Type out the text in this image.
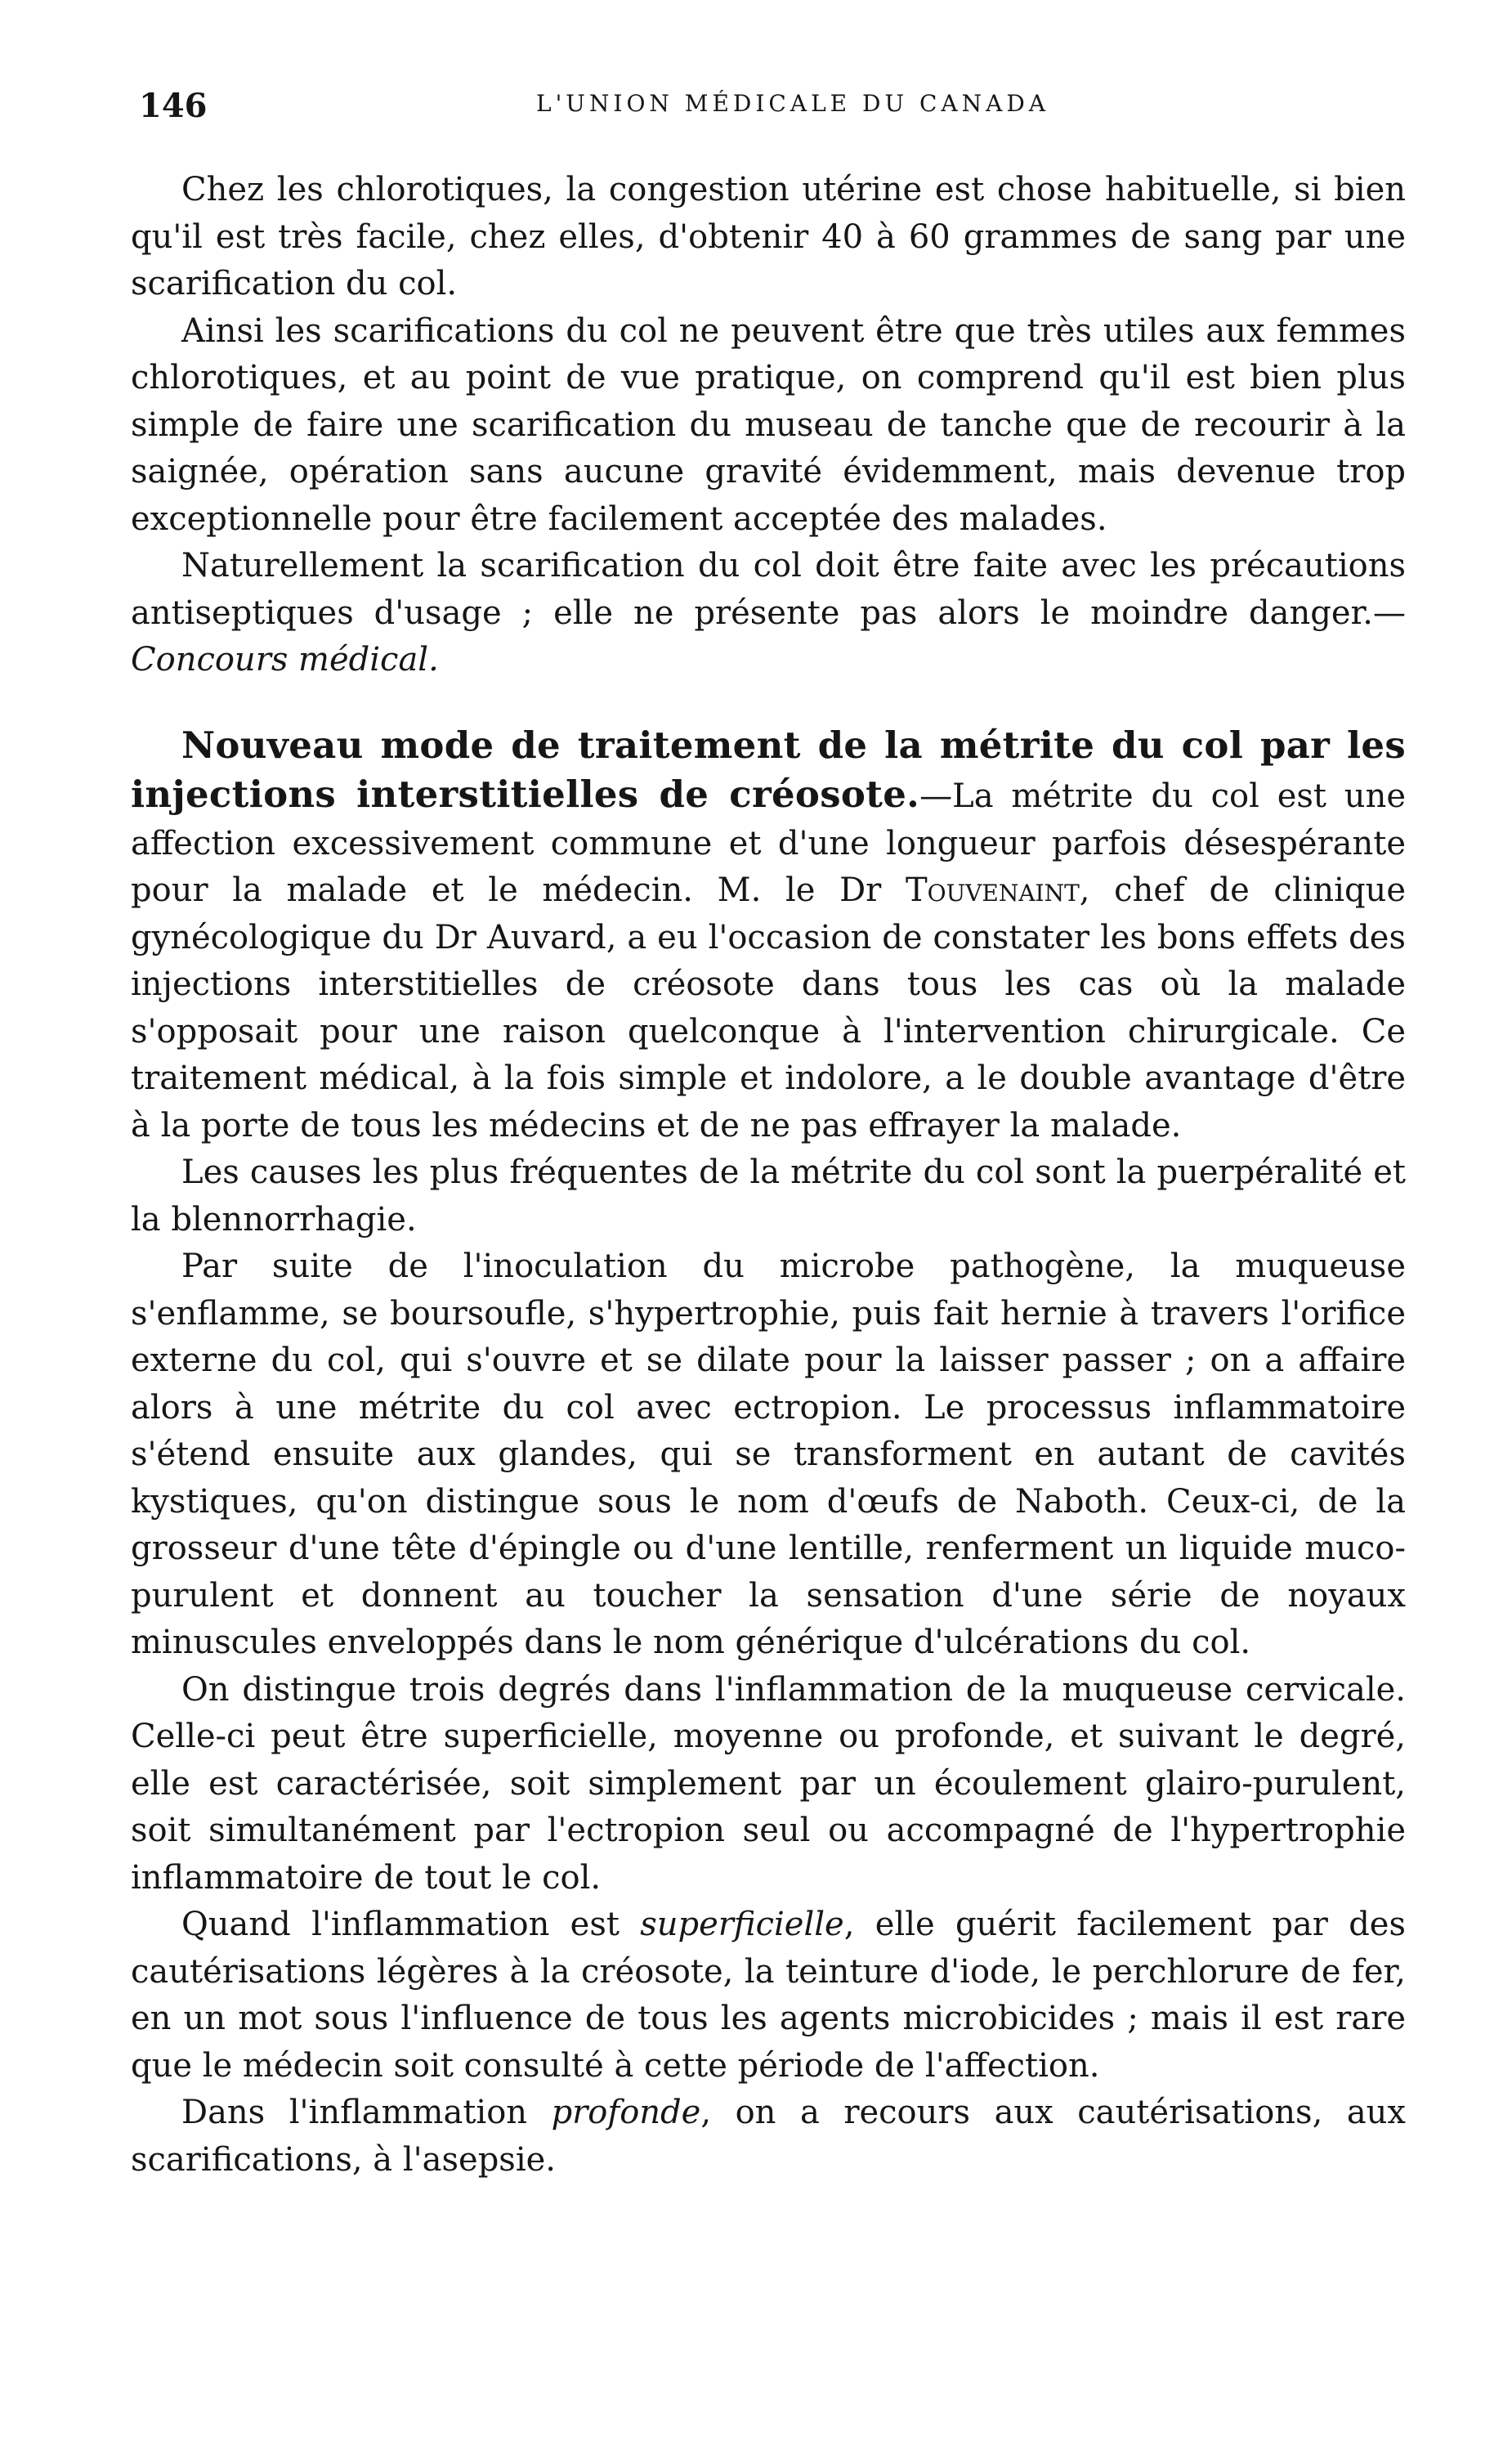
146	L'UNION MÉDICALE DU CANADA

Chez les chlorotiques, la congestion utérine est chose habituelle, si bien qu'il est très facile, chez elles, d'obtenir 40 à 60 grammes de sang par une scarification du col.

Ainsi les scarifications du col ne peuvent être que très utiles aux femmes chlorotiques, et au point de vue pratique, on comprend qu'il est bien plus simple de faire une scarification du museau de tanche que de recourir à la saignée, opération sans aucune gravité évidemment, mais devenue trop exceptionnelle pour être facilement acceptée des malades.

Naturellement la scarification du col doit être faite avec les précautions antiseptiques d'usage ; elle ne présente pas alors le moindre danger.—Concours médical.

Nouveau mode de traitement de la métrite du col par les injections interstitielles de créosote.—La métrite du col est une affection excessivement commune et d'une longueur parfois désespérante pour la malade et le médecin. M. le Dr Touvenaint, chef de clinique gynécologique du Dr Auvard, a eu l'occasion de constater les bons effets des injections interstitielles de créosote dans tous les cas où la malade s'opposait pour une raison quelconque à l'intervention chirurgicale. Ce traitement médical, à la fois simple et indolore, a le double avantage d'être à la porte de tous les médecins et de ne pas effrayer la malade.

Les causes les plus fréquentes de la métrite du col sont la puerpéralité et la blennorrhagie.

Par suite de l'inoculation du microbe pathogène, la muqueuse s'enflamme, se boursoufle, s'hypertrophie, puis fait hernie à travers l'orifice externe du col, qui s'ouvre et se dilate pour la laisser passer ; on a affaire alors à une métrite du col avec ectropion. Le processus inflammatoire s'étend ensuite aux glandes, qui se transforment en autant de cavités kystiques, qu'on distingue sous le nom d'œufs de Naboth. Ceux-ci, de la grosseur d'une tête d'épingle ou d'une lentille, renferment un liquide muco-purulent et donnent au toucher la sensation d'une série de noyaux minuscules enveloppés dans le nom générique d'ulcérations du col.

On distingue trois degrés dans l'inflammation de la muqueuse cervicale. Celle-ci peut être superficielle, moyenne ou profonde, et suivant le degré, elle est caractérisée, soit simplement par un écoulement glairo-purulent, soit simultanément par l'ectropion seul ou accompagné de l'hypertrophie inflammatoire de tout le col.

Quand l'inflammation est superficielle, elle guérit facilement par des cautérisations légères à la créosote, la teinture d'iode, le perchlorure de fer, en un mot sous l'influence de tous les agents microbicides ; mais il est rare que le médecin soit consulté à cette période de l'affection.

Dans l'inflammation profonde, on a recours aux cautérisations, aux scarifications, à l'asepsie.
